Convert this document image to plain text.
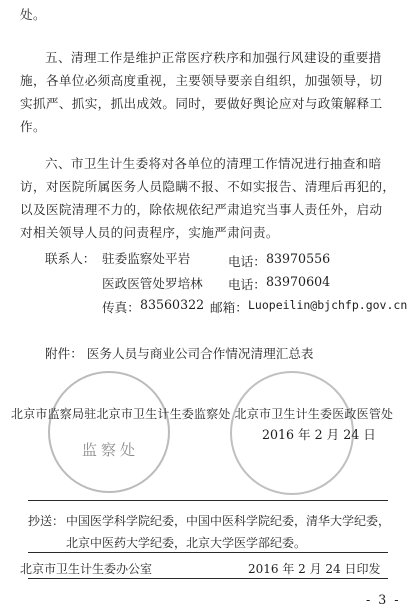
处。
五、清理工作是维护正常医疗秩序和加强行风建设的重要措
施，各单位必须高度重视，主要领导要亲自组织，加强领导，切
实抓严、抓实，抓出成效。同时，要做好舆论应对与政策解释工
作。
六、市卫生计生委将对各单位的清理工作情况进行抽查和暗
访，对医院所属医务人员隐瞒不报、不如实报告、清理后再犯的，
以及医院清理不力的，除依规依纪严肃追究当事人责任外，启动
对相关领导人员的问责程序，实施严肃问责。
联系人： 驻委监察处平岩	电话： 83970556
医政医管处罗培林 电话： 83970604
传真： 83560322 邮箱： Luopeilin@bjchfp.gov.cn
附件： 医务人员与商业公司合作情况清理汇总表
监察处
北京市监察局驻北京市卫生计生委监察处 北京市卫生计生委医政医管处
2016 年 2 月 24 日
抄送： 中国医学科学院纪委，中国中医科学院纪委，清华大学纪委，
北京中医药大学纪委，北京大学医学部纪委。
北京市卫生计生委办公室	2016 年 2 月 24 日印发
- 3 -
